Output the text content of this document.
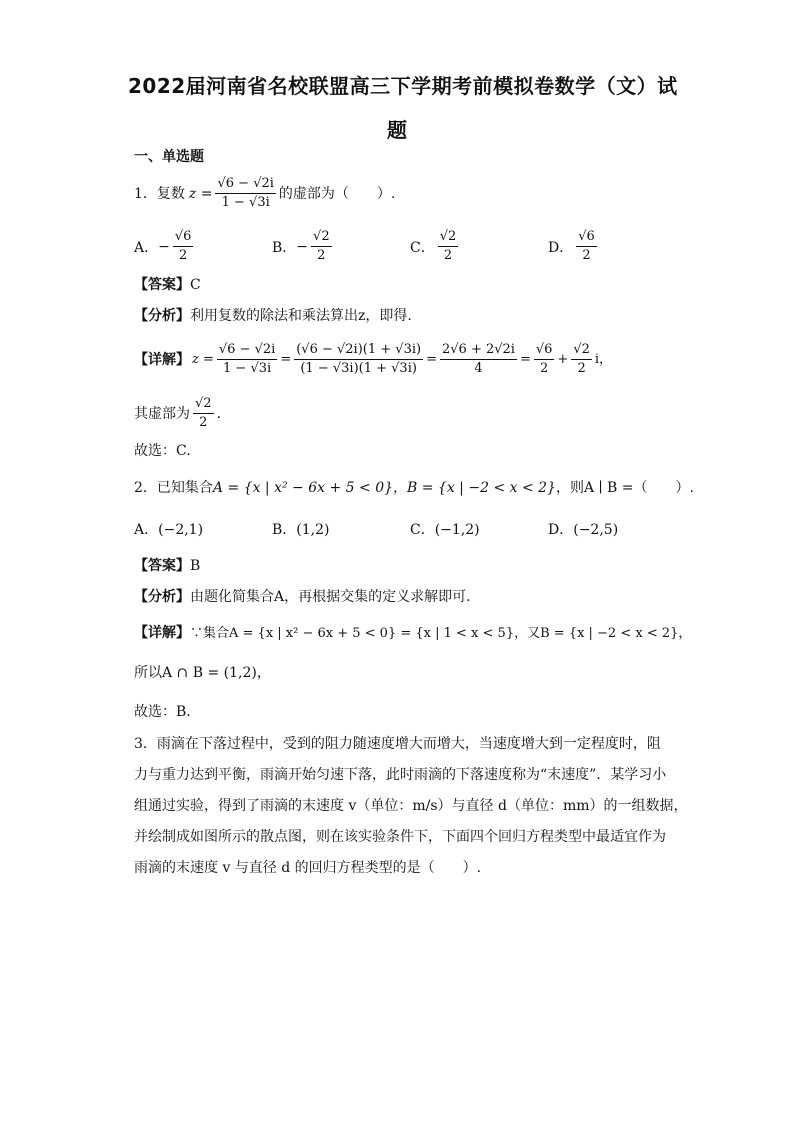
2022届河南省名校联盟高三下学期考前模拟卷数学（文）试
题
一、单选题
1．复数 $z = \frac{√6 - √2i}{1 - √3i}$ 的虚部为（　　）.
A． − $\frac{√6}{2}$	B． − $\frac{√2}{2}$	C． $\frac{√2}{2}$	D． $\frac{√6}{2}$
【答案】C
【分析】利用复数的除法和乘法算出z，即得.
【详解】 $z = \frac{√6 - √2i}{1 - √3i} = \frac{(√6 - √2i)(1 + √3i)}{(1 - √3i)(1 + √3i)} = \frac{2√6 + 2√2i}{4} = \frac{√6}{2} + \frac{√2}{2}$ i，
其虚部为 $\frac{√2}{2}$ .
故选：C.
2．已知集合A = {x | x² − 6x + 5 < 0}，B = {x | −2 < x < 2}，则A ∣ B =（　　）.
A．(−2,1)	B．(1,2)	C．(−1,2)	D．(−2,5)
【答案】B
【分析】由题化简集合A，再根据交集的定义求解即可.
【详解】∵集合A = {x | x² − 6x + 5 < 0} = {x | 1 < x < 5}，又B = {x | −2 < x < 2}，
所以A ∩ B = (1,2)，
故选：B.
3．雨滴在下落过程中，受到的阻力随速度增大而增大，当速度增大到一定程度时，阻
力与重力达到平衡，雨滴开始匀速下落，此时雨滴的下落速度称为“末速度”．某学习小
组通过实验，得到了雨滴的末速度 v（单位：m/s）与直径 d（单位：mm）的一组数据，
并绘制成如图所示的散点图，则在该实验条件下，下面四个回归方程类型中最适宜作为
雨滴的末速度 v 与直径 d 的回归方程类型的是（　　）.
